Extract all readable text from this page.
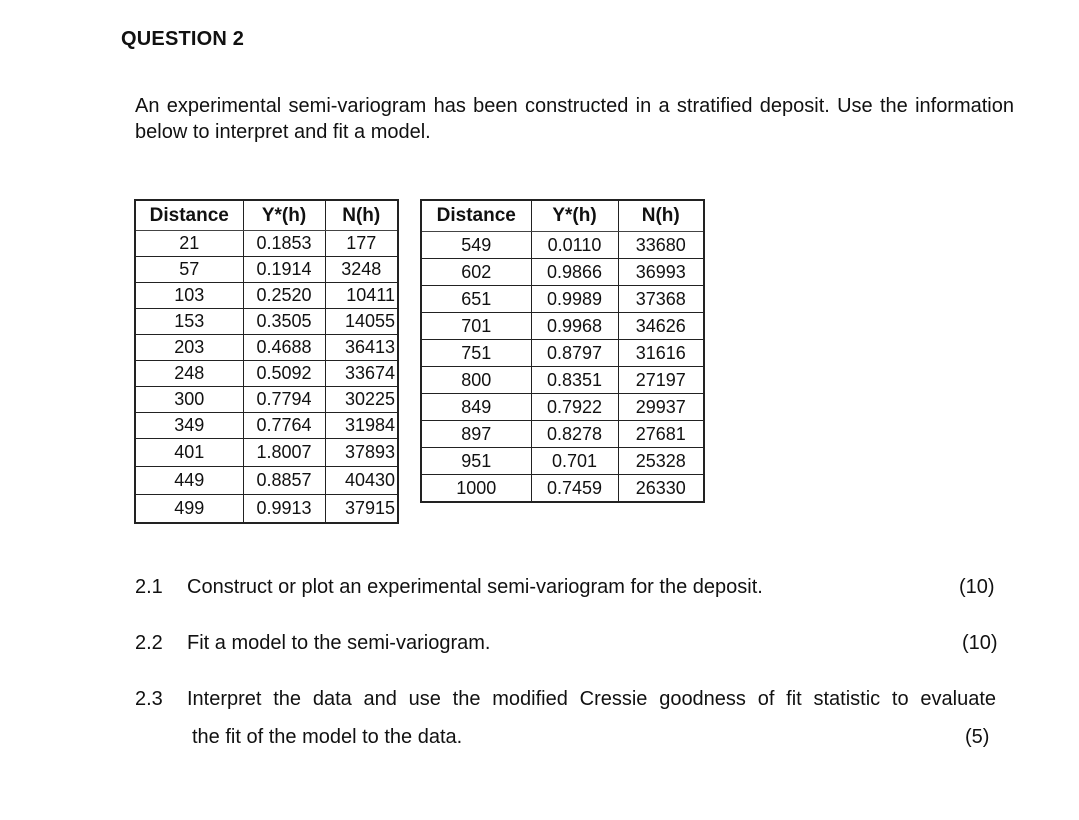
QUESTION 2
An experimental semi-variogram has been constructed in a stratified deposit. Use the information below to interpret and fit a model.
Distance	Y*(h)	N(h)
21	0.1853	177
57	0.1914	3248
103	0.2520	10411
153	0.3505	14055
203	0.4688	36413
248	0.5092	33674
300	0.7794	30225
349	0.7764	31984
401	1.8007	37893
449	0.8857	40430
499	0.9913	37915
Distance	Y*(h)	N(h)
549	0.0110	33680
602	0.9866	36993
651	0.9989	37368
701	0.9968	34626
751	0.8797	31616
800	0.8351	27197
849	0.7922	29937
897	0.8278	27681
951	0.701	25328
1000	0.7459	26330
2.1 Construct or plot an experimental semi-variogram for the deposit.	(10)
2.2 Fit a model to the semi-variogram.	(10)
2.3 Interpret the data and use the modified Cressie goodness of fit statistic to evaluate
the fit of the model to the data.	(5)
